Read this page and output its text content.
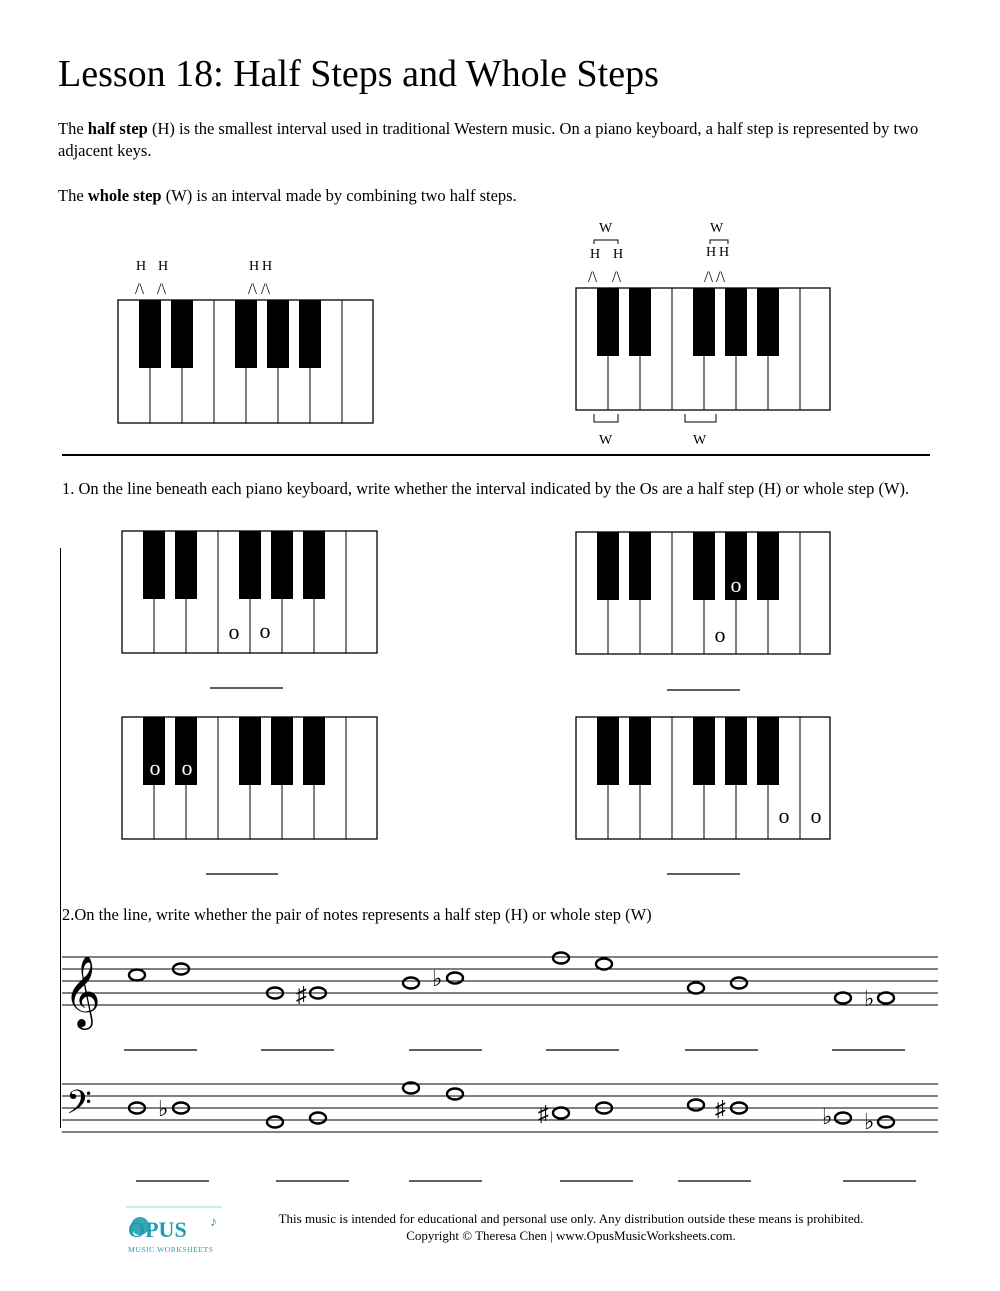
Lesson 18: Half Steps and Whole Steps
The half step (H) is the smallest interval used in traditional Western music. On a piano keyboard, a half step is represented by two adjacent keys.
The whole step (W) is an interval made by combining two half steps.
H H	H H
/\ /\	/\ /\
W
H H
/\ /\
W
H H
/\ /\
W	W
1. On the line beneath each piano keyboard, write whether the interval indicated by the Os are a half step (H) or whole step (W).
o o
o
o
o o
o o
2.On the line, write whether the pair of notes represents a half step (H) or whole step (W)
𝄞	♯
♭
♭
𝄢	♭	♯	♯	♭ ♭
OPUS ♪
MUSIC WORKSHEETS
This music is intended for educational and personal use only. Any distribution outside these means is prohibited.
Copyright © Theresa Chen | www.OpusMusicWorksheets.com.
